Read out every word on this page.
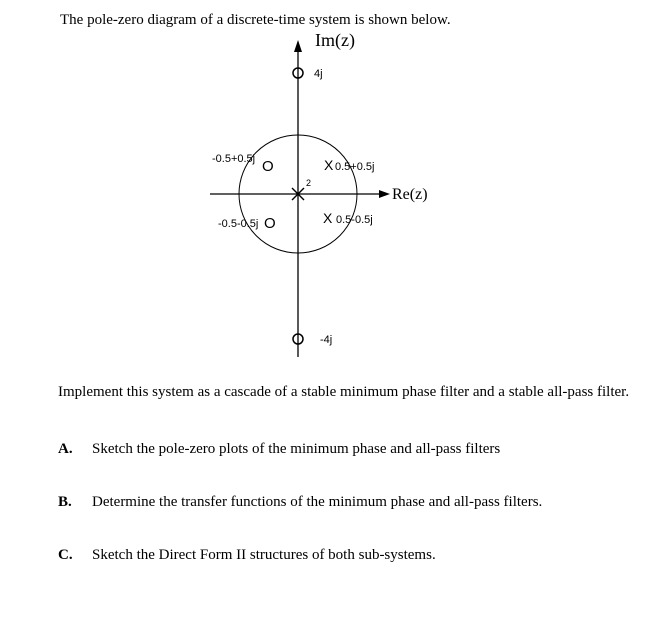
The pole-zero diagram of a discrete-time system is shown below.
Im(z)
Re(z)
4j
-4j
-0.5+0.5j O
-0.5-0.5j O
X 0.5+0.5j
X 0.5-0.5j
2
Implement this system as a cascade of a stable minimum phase filter and a stable all-pass filter.
A. Sketch the pole-zero plots of the minimum phase and all-pass filters
B. Determine the transfer functions of the minimum phase and all-pass filters.
C. Sketch the Direct Form II structures of both sub-systems.
